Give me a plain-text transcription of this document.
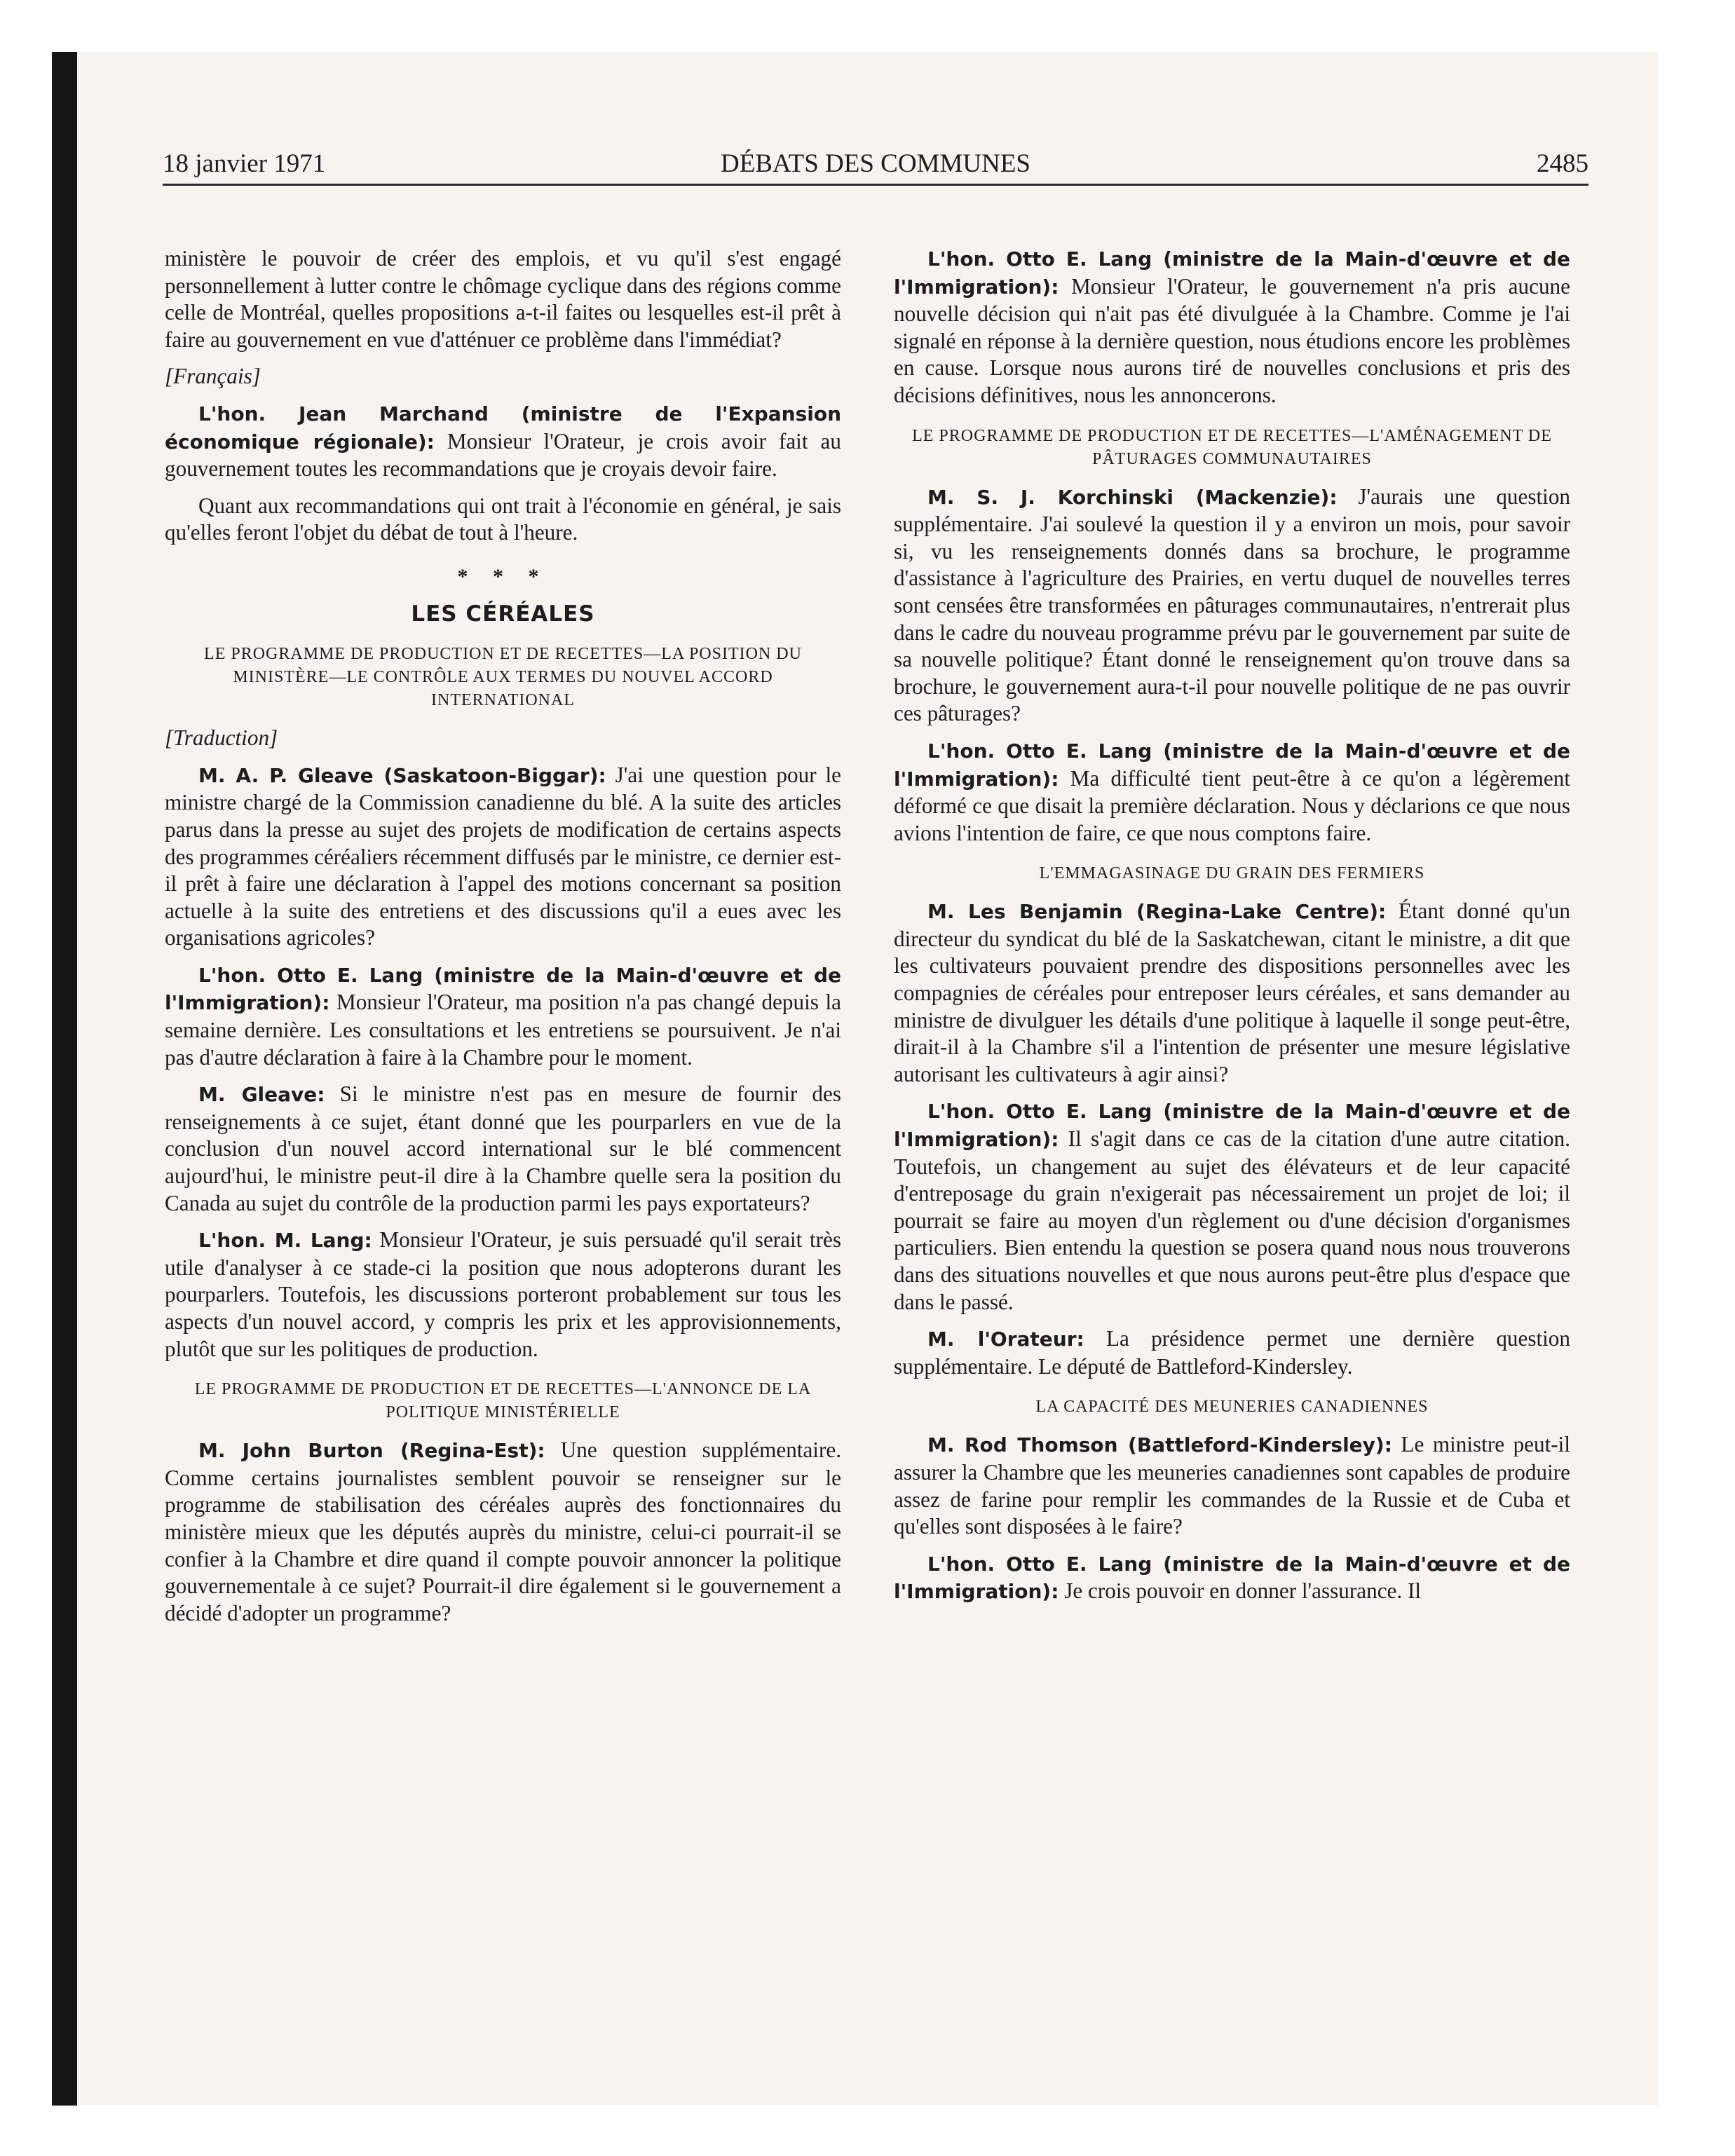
18 janvier 1971	DÉBATS DES COMMUNES	2485

ministère le pouvoir de créer des emplois, et vu qu'il s'est engagé personnellement à lutter contre le chômage cyclique dans des régions comme celle de Montréal, quelles propositions a-t-il faites ou lesquelles est-il prêt à faire au gouvernement en vue d'atténuer ce problème dans l'immédiat?

[Français]

L'hon. Jean Marchand (ministre de l'Expansion économique régionale): Monsieur l'Orateur, je crois avoir fait au gouvernement toutes les recommandations que je croyais devoir faire.

Quant aux recommandations qui ont trait à l'économie en général, je sais qu'elles feront l'objet du débat de tout à l'heure.

* * *
LES CÉRÉALES
LE PROGRAMME DE PRODUCTION ET DE RECETTES—LA POSITION DU MINISTÈRE—LE CONTRÔLE AUX TERMES DU NOUVEL ACCORD INTERNATIONAL
[Traduction]

M. A. P. Gleave (Saskatoon-Biggar): J'ai une question pour le ministre chargé de la Commission canadienne du blé. A la suite des articles parus dans la presse au sujet des projets de modification de certains aspects des programmes céréaliers récemment diffusés par le ministre, ce dernier est-il prêt à faire une déclaration à l'appel des motions concernant sa position actuelle à la suite des entretiens et des discussions qu'il a eues avec les organisations agricoles?

L'hon. Otto E. Lang (ministre de la Main-d'œuvre et de l'Immigration): Monsieur l'Orateur, ma position n'a pas changé depuis la semaine dernière. Les consultations et les entretiens se poursuivent. Je n'ai pas d'autre déclaration à faire à la Chambre pour le moment.

M. Gleave: Si le ministre n'est pas en mesure de fournir des renseignements à ce sujet, étant donné que les pourparlers en vue de la conclusion d'un nouvel accord international sur le blé commencent aujourd'hui, le ministre peut-il dire à la Chambre quelle sera la position du Canada au sujet du contrôle de la production parmi les pays exportateurs?

L'hon. M. Lang: Monsieur l'Orateur, je suis persuadé qu'il serait très utile d'analyser à ce stade-ci la position que nous adopterons durant les pourparlers. Toutefois, les discussions porteront probablement sur tous les aspects d'un nouvel accord, y compris les prix et les approvisionnements, plutôt que sur les politiques de production.

LE PROGRAMME DE PRODUCTION ET DE RECETTES—L'ANNONCE DE LA POLITIQUE MINISTÉRIELLE

M. John Burton (Regina-Est): Une question supplémentaire. Comme certains journalistes semblent pouvoir se renseigner sur le programme de stabilisation des céréales auprès des fonctionnaires du ministère mieux que les députés auprès du ministre, celui-ci pourrait-il se confier à la Chambre et dire quand il compte pouvoir annoncer la politique gouvernementale à ce sujet? Pourrait-il dire également si le gouvernement a décidé d'adopter un programme?

L'hon. Otto E. Lang (ministre de la Main-d'œuvre et de l'Immigration): Monsieur l'Orateur, le gouvernement n'a pris aucune nouvelle décision qui n'ait pas été divulguée à la Chambre. Comme je l'ai signalé en réponse à la dernière question, nous étudions encore les problèmes en cause. Lorsque nous aurons tiré de nouvelles conclusions et pris des décisions définitives, nous les annoncerons.

LE PROGRAMME DE PRODUCTION ET DE RECETTES—L'AMÉNAGEMENT DE PÂTURAGES COMMUNAUTAIRES

M. S. J. Korchinski (Mackenzie): J'aurais une question supplémentaire. J'ai soulevé la question il y a environ un mois, pour savoir si, vu les renseignements donnés dans sa brochure, le programme d'assistance à l'agriculture des Prairies, en vertu duquel de nouvelles terres sont censées être transformées en pâturages communautaires, n'entrerait plus dans le cadre du nouveau programme prévu par le gouvernement par suite de sa nouvelle politique? Étant donné le renseignement qu'on trouve dans sa brochure, le gouvernement aura-t-il pour nouvelle politique de ne pas ouvrir ces pâturages?

L'hon. Otto E. Lang (ministre de la Main-d'œuvre et de l'Immigration): Ma difficulté tient peut-être à ce qu'on a légèrement déformé ce que disait la première déclaration. Nous y déclarions ce que nous avions l'intention de faire, ce que nous comptons faire.

L'EMMAGASINAGE DU GRAIN DES FERMIERS

M. Les Benjamin (Regina-Lake Centre): Étant donné qu'un directeur du syndicat du blé de la Saskatchewan, citant le ministre, a dit que les cultivateurs pouvaient prendre des dispositions personnelles avec les compagnies de céréales pour entreposer leurs céréales, et sans demander au ministre de divulguer les détails d'une politique à laquelle il songe peut-être, dirait-il à la Chambre s'il a l'intention de présenter une mesure législative autorisant les cultivateurs à agir ainsi?

L'hon. Otto E. Lang (ministre de la Main-d'œuvre et de l'Immigration): Il s'agit dans ce cas de la citation d'une autre citation. Toutefois, un changement au sujet des élévateurs et de leur capacité d'entreposage du grain n'exigerait pas nécessairement un projet de loi; il pourrait se faire au moyen d'un règlement ou d'une décision d'organismes particuliers. Bien entendu la question se posera quand nous nous trouverons dans des situations nouvelles et que nous aurons peut-être plus d'espace que dans le passé.

M. l'Orateur: La présidence permet une dernière question supplémentaire. Le député de Battleford-Kindersley.

LA CAPACITÉ DES MEUNERIES CANADIENNES

M. Rod Thomson (Battleford-Kindersley): Le ministre peut-il assurer la Chambre que les meuneries canadiennes sont capables de produire assez de farine pour remplir les commandes de la Russie et de Cuba et qu'elles sont disposées à le faire?

L'hon. Otto E. Lang (ministre de la Main-d'œuvre et de l'Immigration): Je crois pouvoir en donner l'assurance. Il
